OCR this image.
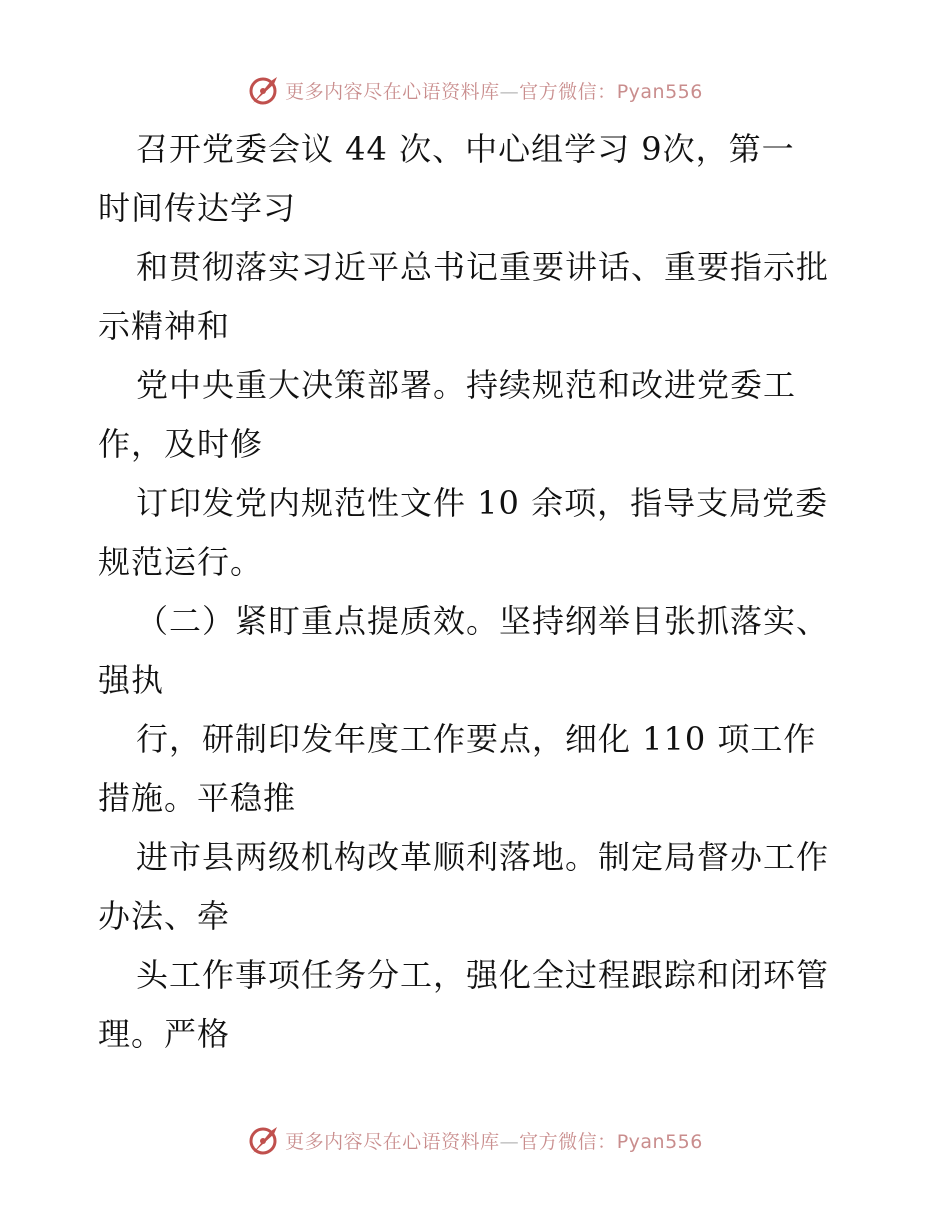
更多内容尽在心语资料库—官方微信：Pyan556
召开党委会议 44 次、中心组学习 9次，第一
时间传达学习
和贯彻落实习近平总书记重要讲话、重要指示批
示精神和
党中央重大决策部署。持续规范和改进党委工
作，及时修
订印发党内规范性文件 10 余项，指导支局党委
规范运行。
（二）紧盯重点提质效。坚持纲举目张抓落实、
强执
行，研制印发年度工作要点，细化 110 项工作
措施。平稳推
进市县两级机构改革顺利落地。制定局督办工作
办法、牵
头工作事项任务分工，强化全过程跟踪和闭环管
理。严格
更多内容尽在心语资料库—官方微信：Pyan556
